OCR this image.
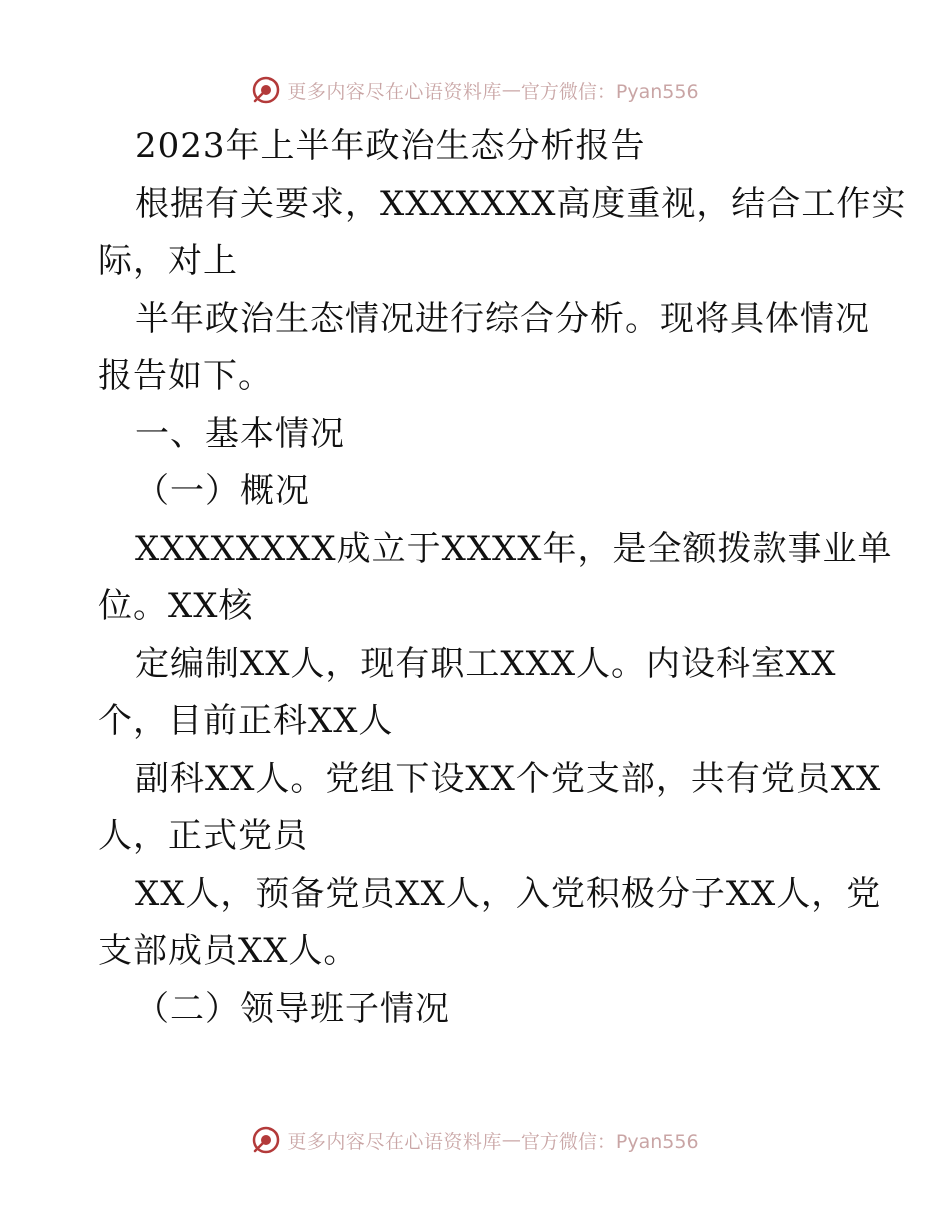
更多内容尽在心语资料库 — 官方微信：Pyan556
2023年上半年政治生态分析报告
根据有关要求，XXXXXXX高度重视，结合工作实
际，对上
半年政治生态情况进行综合分析。现将具体情况
报告如下。
一、基本情况
（一）概况
XXXXXXXX成立于XXXX年，是全额拨款事业单
位。XX核
定编制XX人，现有职工XXX人。内设科室XX
个，目前正科XX人
副科XX人。党组下设XX个党支部，共有党员XX
人，正式党员
XX人，预备党员XX人，入党积极分子XX人，党
支部成员XX人。
（二）领导班子情况
更多内容尽在心语资料库 — 官方微信：Pyan556
